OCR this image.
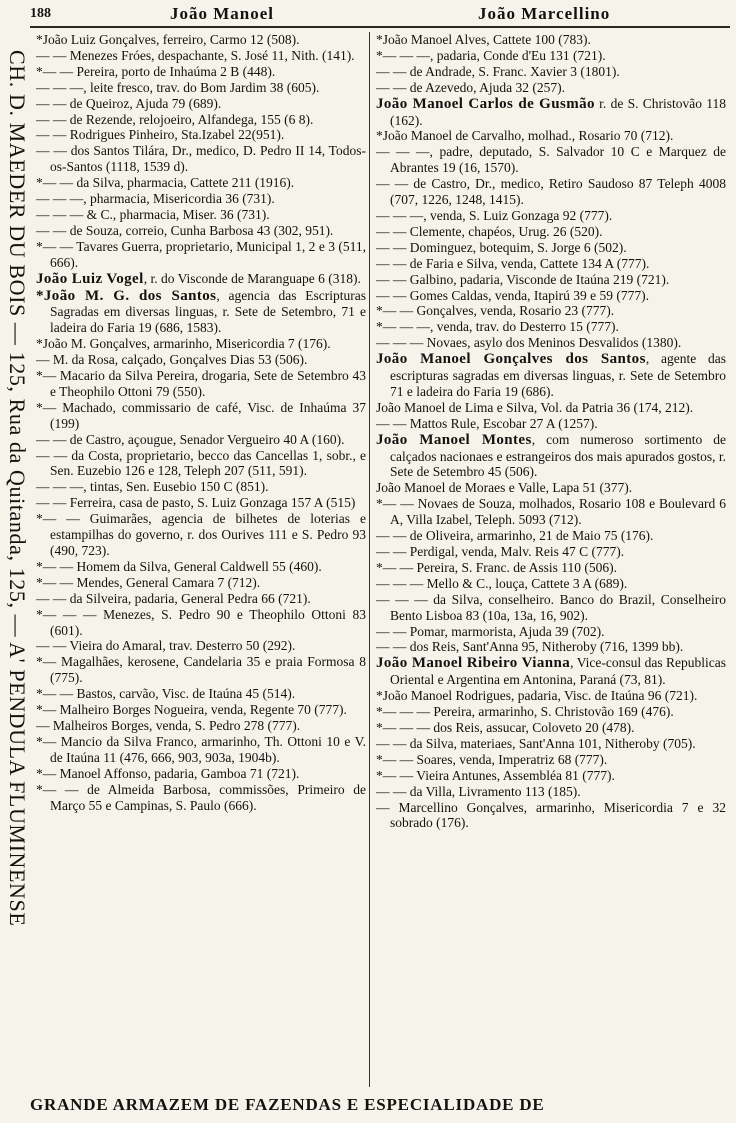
188	João Manoel	João Marcellino
CH. D. MAEDER DU BOIS — 125, Rua da Quitanda, 125, — A' PENDULA FLUMINENSE

*João Luiz Gonçalves, ferreiro, Carmo 12 (508).

— — Menezes Fróes, despachante, S. José 11, Nith. (141).

*— — Pereira, porto de Inhaúma 2 B (448).

— — —, leite fresco, trav. do Bom Jardim 38 (605).

— — de Queiroz, Ajuda 79 (689).

— — de Rezende, relojoeiro, Alfandega, 155 (6 8).

— — Rodrigues Pinheiro, Sta.Izabel 22(951).

— — dos Santos Tilára, Dr., medico, D. Pedro II 14, Todos-os-Santos (1118, 1539 d).

*— — da Silva, pharmacia, Cattete 211 (1916).

— — —, pharmacia, Misericordia 36 (731).

— — — & C., pharmacia, Miser. 36 (731).

— — de Souza, correio, Cunha Barbosa 43 (302, 951).

*— — Tavares Guerra, proprietario, Municipal 1, 2 e 3 (511, 666).

João Luiz Vogel, r. do Visconde de Maranguape 6 (318).

*João M. G. dos Santos, agencia das Escripturas Sagradas em diversas linguas, r. Sete de Setembro, 71 e ladeira do Faria 19 (686, 1583).

*João M. Gonçalves, armarinho, Misericordia 7 (176).

— M. da Rosa, calçado, Gonçalves Dias 53 (506).

*— Macario da Silva Pereira, drogaria, Sete de Setembro 43 e Theophilo Ottoni 79 (550).

*— Machado, commissario de café, Visc. de Inhaúma 37 (199)

— — de Castro, açougue, Senador Vergueiro 40 A (160).

— — da Costa, proprietario, becco das Cancellas 1, sobr., e Sen. Euzebio 126 e 128, Teleph 207 (511, 591).

— — —, tintas, Sen. Eusebio 150 C (851).

— — Ferreira, casa de pasto, S. Luiz Gonzaga 157 A (515)

*— — Guimarães, agencia de bilhetes de loterias e estampilhas do governo, r. dos Ourives 111 e S. Pedro 93 (490, 723).

*— — Homem da Silva, General Caldwell 55 (460).

*— — Mendes, General Camara 7 (712).

— — da Silveira, padaria, General Pedra 66 (721).

*— — — Menezes, S. Pedro 90 e Theophilo Ottoni 83 (601).

— — Vieira do Amaral, trav. Desterro 50 (292).

*— Magalhães, kerosene, Candelaria 35 e praia Formosa 8 (775).

*— — Bastos, carvão, Visc. de Itaúna 45 (514).

*— Malheiro Borges Nogueira, venda, Regente 70 (777).

— Malheiros Borges, venda, S. Pedro 278 (777).

*— Mancio da Silva Franco, armarinho, Th. Ottoni 10 e V. de Itaúna 11 (476, 666, 903, 903a, 1904b).

*— Manoel Affonso, padaria, Gamboa 71 (721).

*— — de Almeida Barbosa, commissões, Primeiro de Março 55 e Campinas, S. Paulo (666).

*João Manoel Alves, Cattete 100 (783).

*— — —, padaria, Conde d'Eu 131 (721).

— — de Andrade, S. Franc. Xavier 3 (1801).

— — de Azevedo, Ajuda 32 (257).

João Manoel Carlos de Gusmão r. de S. Christovão 118 (162).

*João Manoel de Carvalho, molhad., Rosario 70 (712).

— — —, padre, deputado, S. Salvador 10 C e Marquez de Abrantes 19 (16, 1570).

— — de Castro, Dr., medico, Retiro Saudoso 87 Teleph 4008 (707, 1226, 1248, 1415).

— — —, venda, S. Luiz Gonzaga 92 (777).

— — Clemente, chapéos, Urug. 26 (520).

— — Dominguez, botequim, S. Jorge 6 (502).

— — de Faria e Silva, venda, Cattete 134 A (777).

— — Galbino, padaria, Visconde de Itaúna 219 (721).

— — Gomes Caldas, venda, Itapirú 39 e 59 (777).

*— — Gonçalves, venda, Rosario 23 (777).

*— — —, venda, trav. do Desterro 15 (777).

— — — Novaes, asylo dos Meninos Desvalidos (1380).

João Manoel Gonçalves dos Santos, agente das escripturas sagradas em diversas linguas, r. Sete de Setembro 71 e ladeira do Faria 19 (686).

João Manoel de Lima e Silva, Vol. da Patria 36 (174, 212).

— — Mattos Rule, Escobar 27 A (1257).

João Manoel Montes, com numeroso sortimento de calçados nacionaes e estrangeiros dos mais apurados gostos, r. Sete de Setembro 45 (506).

João Manoel de Moraes e Valle, Lapa 51 (377).

*— — Novaes de Souza, molhados, Rosario 108 e Boulevard 6 A, Villa Izabel, Teleph. 5093 (712).

— — de Oliveira, armarinho, 21 de Maio 75 (176).

— — Perdigal, venda, Malv. Reis 47 C (777).

*— — Pereira, S. Franc. de Assis 110 (506).

— — — Mello & C., louça, Cattete 3 A (689).

— — — da Silva, conselheiro. Banco do Brazil, Conselheiro Bento Lisboa 83 (10a, 13a, 16, 902).

— — Pomar, marmorista, Ajuda 39 (702).

— — dos Reis, Sant'Anna 95, Nitheroby (716, 1399 bb).

João Manoel Ribeiro Vianna, Vice-consul das Republicas Oriental e Argentina em Antonina, Paraná (73, 81).

*João Manoel Rodrigues, padaria, Visc. de Itaúna 96 (721).

*— — — Pereira, armarinho, S. Christovão 169 (476).

*— — — dos Reis, assucar, Coloveto 20 (478).

— — da Silva, materiaes, Sant'Anna 101, Nitheroby (705).

*— — Soares, venda, Imperatriz 68 (777).

*— — Vieira Antunes, Assembléa 81 (777).

— — da Villa, Livramento 113 (185).

— Marcellino Gonçalves, armarinho, Misericordia 7 e 32 sobrado (176).

GRANDE ARMAZEM DE FAZENDAS E ESPECIALIDADE DE
